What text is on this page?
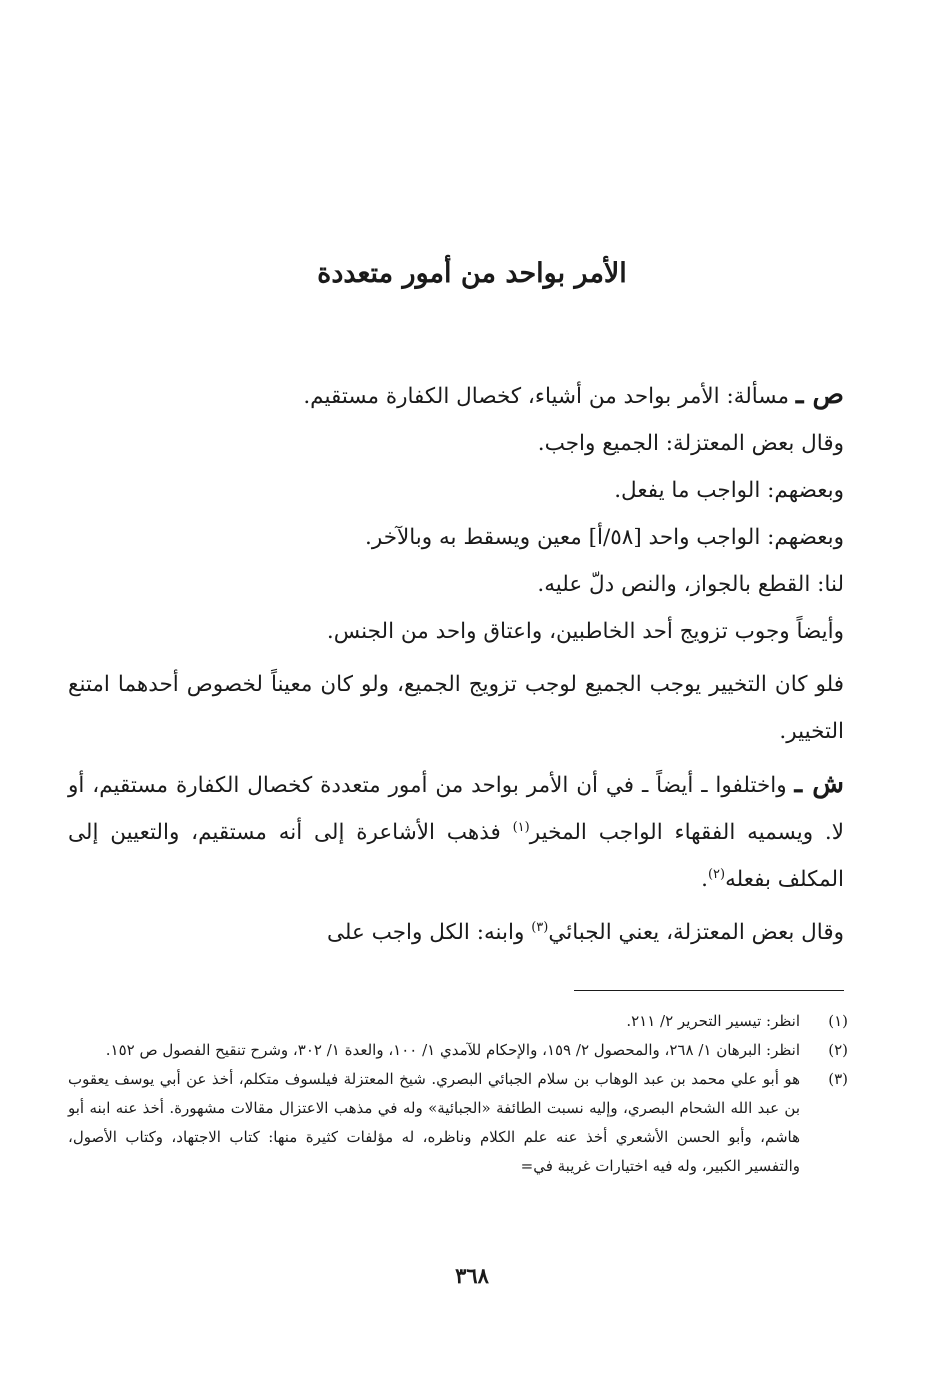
الأمر بواحد من أمور متعددة

ص ـ مسألة: الأمر بواحد من أشياء، كخصال الكفارة مستقيم.

وقال بعض المعتزلة: الجميع واجب.

وبعضهم: الواجب ما يفعل.

وبعضهم: الواجب واحد [٥٨/أ] معين ويسقط به وبالآخر.

لنا: القطع بالجواز، والنص دلّ عليه.

وأيضاً وجوب تزويج أحد الخاطبين، واعتاق واحد من الجنس.

فلو كان التخيير يوجب الجميع لوجب تزويج الجميع، ولو كان معيناً لخصوص أحدهما امتنع التخيير.

ش ـ واختلفوا ـ أيضاً ـ في أن الأمر بواحد من أمور متعددة كخصال الكفارة مستقيم، أو لا. ويسميه الفقهاء الواجب المخير$^{(١)}$ فذهب الأشاعرة إلى أنه مستقيم، والتعيين إلى المكلف بفعله$^{(٢)}$.

وقال بعض المعتزلة، يعني الجبائي$^{(٣)}$ وابنه: الكل واجب على

(١)
انظر: تيسير التحرير ٢/ ٢١١.
(٢)
انظر: البرهان ١/ ٢٦٨، والمحصول ٢/ ١٥٩، والإحكام للآمدي ١/ ١٠٠، والعدة ١/ ٣٠٢، وشرح تنقيح الفصول ص ١٥٢.
(٣)
هو أبو علي محمد بن عبد الوهاب بن سلام الجبائي البصري. شيخ المعتزلة فيلسوف متكلم، أخذ عن أبي يوسف يعقوب بن عبد الله الشحام البصري، وإليه نسبت الطائفة «الجبائية» وله في مذهب الاعتزال مقالات مشهورة. أخذ عنه ابنه أبو هاشم، وأبو الحسن الأشعري أخذ عنه علم الكلام وناظره، له مؤلفات كثيرة منها: كتاب الاجتهاد، وكتاب الأصول، والتفسير الكبير، وله فيه اختيارات غريبة في=
٣٦٨
